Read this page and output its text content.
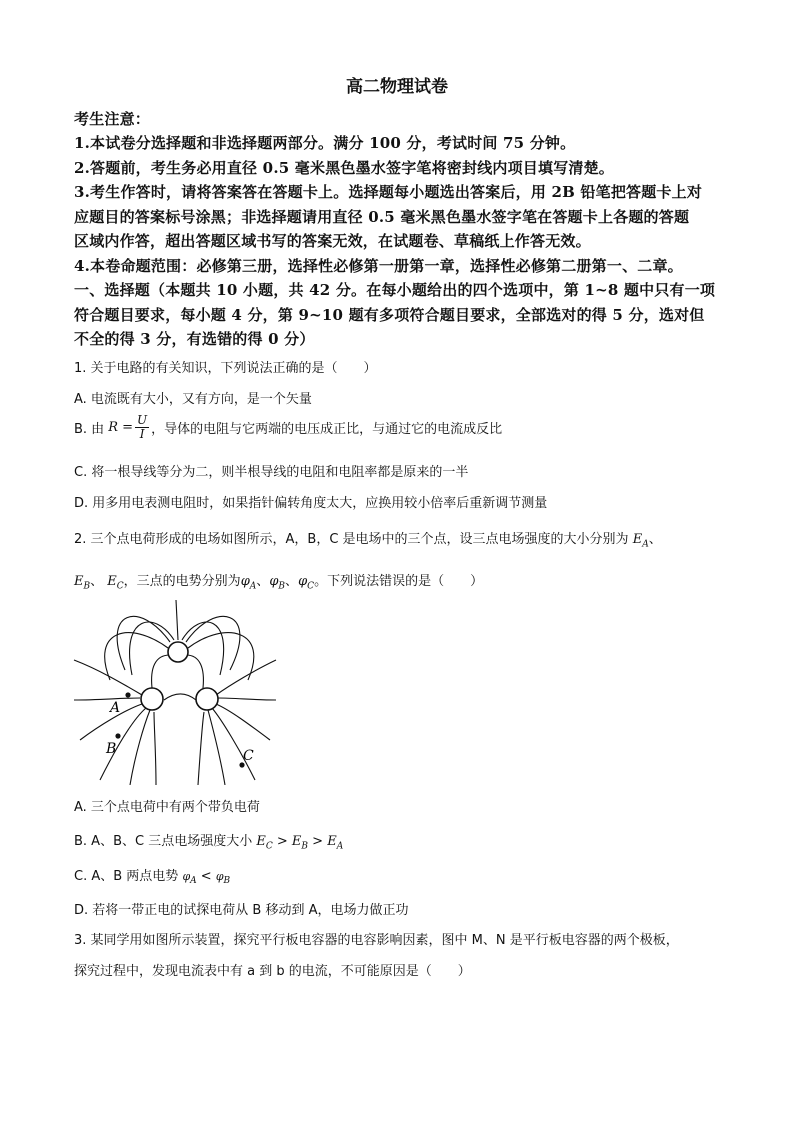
高二物理试卷
考生注意：
1.本试卷分选择题和非选择题两部分。满分 100 分，考试时间 75 分钟。
2.答题前，考生务必用直径 0.5 毫米黑色墨水签字笔将密封线内项目填写清楚。
3.考生作答时，请将答案答在答题卡上。选择题每小题选出答案后，用 2B 铅笔把答题卡上对
应题目的答案标号涂黑；非选择题请用直径 0.5 毫米黑色墨水签字笔在答题卡上各题的答题
区域内作答，超出答题区域书写的答案无效，在试题卷、草稿纸上作答无效。
4.本卷命题范围：必修第三册，选择性必修第一册第一章，选择性必修第二册第一、二章。
一、选择题（本题共 10 小题，共 42 分。在每小题给出的四个选项中，第 1~8 题中只有一项
符合题目要求，每小题 4 分，第 9~10 题有多项符合题目要求，全部选对的得 5 分，选对但
不全的得 3 分，有选错的得 0 分）
1. 关于电路的有关知识，下列说法正确的是（　　）
A. 电流既有大小，又有方向，是一个矢量
B. 由 $R = \frac{U}{I}$ ，导体的电阻与它两端的电压成正比，与通过它的电流成反比
C. 将一根导线等分为二，则半根导线的电阻和电阻率都是原来的一半
D. 用多用电表测电阻时，如果指针偏转角度太大，应换用较小倍率后重新调节测量
2. 三个点电荷形成的电场如图所示，A，B，C 是电场中的三个点，设三点电场强度的大小分别为 $E_A$、
$E_B$、 $E_C$，三点的电势分别为$\varphi_A$、$\varphi_B$、$\varphi_C$。下列说法错误的是（　　）
A
B	C
A. 三个点电荷中有两个带负电荷
B. A、B、C 三点电场强度大小 $E_C > E_B > E_A$
C. A、B 两点电势 $\varphi_A < \varphi_B$
D. 若将一带正电的试探电荷从 B 移动到 A，电场力做正功
3. 某同学用如图所示装置，探究平行板电容器的电容影响因素，图中 M、N 是平行板电容器的两个极板，
探究过程中，发现电流表中有 a 到 b 的电流，不可能原因是（　　）
